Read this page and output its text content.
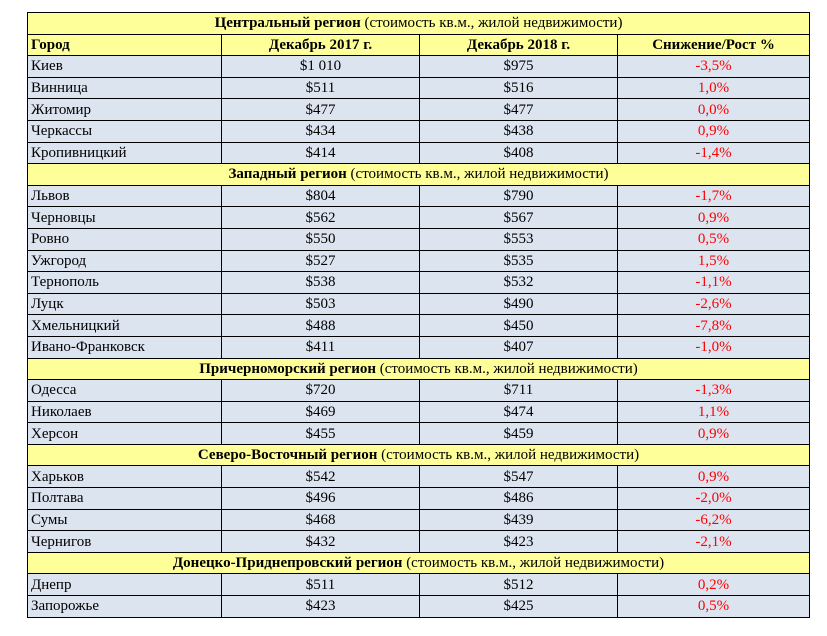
Центральный регион (стоимость кв.м., жилой недвижимости)			
Город	Декабрь 2017 г.	Декабрь 2018 г.	Снижение/Рост %
Киев	$1 010	$975	-3,5%
Винница	$511	$516	1,0%
Житомир	$477	$477	0,0%
Черкассы	$434	$438	0,9%
Кропивницкий	$414	$408	-1,4%
Западный регион (стоимость кв.м., жилой недвижимости)			
Львов	$804	$790	-1,7%
Черновцы	$562	$567	0,9%
Ровно	$550	$553	0,5%
Ужгород	$527	$535	1,5%
Тернополь	$538	$532	-1,1%
Луцк	$503	$490	-2,6%
Хмельницкий	$488	$450	-7,8%
Ивано-Франковск	$411	$407	-1,0%
Причерноморский регион (стоимость кв.м., жилой недвижимости)			
Одесса	$720	$711	-1,3%
Николаев	$469	$474	1,1%
Херсон	$455	$459	0,9%
Северо-Восточный регион (стоимость кв.м., жилой недвижимости)			
Харьков	$542	$547	0,9%
Полтава	$496	$486	-2,0%
Сумы	$468	$439	-6,2%
Чернигов	$432	$423	-2,1%
Донецко-Приднепровский регион (стоимость кв.м., жилой недвижимости)			
Днепр	$511	$512	0,2%
Запорожье	$423	$425	0,5%
